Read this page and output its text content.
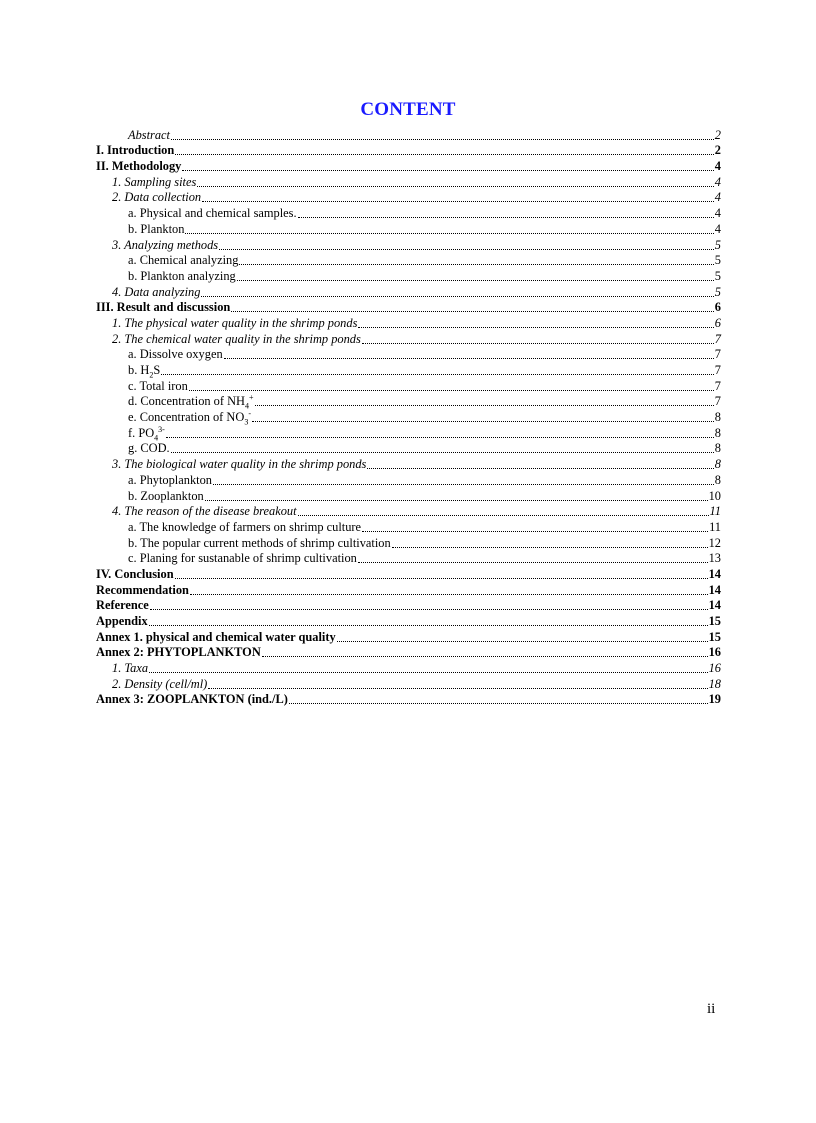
CONTENT
Abstract	2
I. Introduction	2
II. Methodology	4
1. Sampling sites	4
2. Data collection	4
a. Physical and chemical samples.	4
b. Plankton	4
3. Analyzing methods	5
a. Chemical analyzing	5
b. Plankton analyzing	5
4. Data analyzing	5
III. Result and discussion	6
1. The physical water quality in the shrimp ponds	6
2. The chemical water quality in the shrimp ponds	7
a. Dissolve oxygen	7
b. $H_2S$	7
c. Total iron	7
d. Concentration of $NH_4^+$	7
e. Concentration of $NO_3^-$	8
f. $PO_4^{3-}$	8
g. COD.	8
3. The biological water quality in the shrimp ponds	8
a. Phytoplankton	8
b. Zooplankton	10
4. The reason of the disease breakout	11
a. The knowledge of farmers on shrimp culture	11
b. The popular current methods of shrimp cultivation	12
c. Planing for sustanable of shrimp cultivation	13
IV. Conclusion	14
Recommendation	14
Reference	14
Appendix	15
Annex 1. physical and chemical water quality	15
Annex 2: PHYTOPLANKTON	16
1. Taxa	16
2. Density (cell/ml)	18
Annex 3: ZOOPLANKTON (ind./L)	19
ii
